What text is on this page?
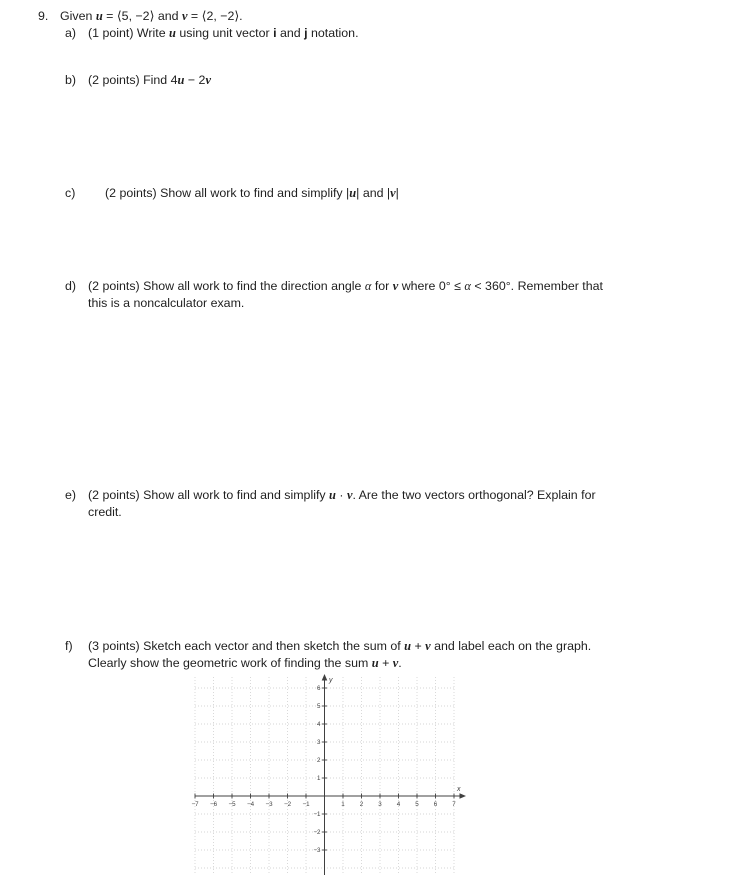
9. Given u = ⟨5, −2⟩ and v = ⟨2, −2⟩.
a) (1 point) Write u using unit vector i and j notation.
b) (2 points) Find 4u − 2v
c)	(2 points) Show all work to find and simplify |u| and |v|
d) (2 points) Show all work to find the direction angle α for v where 0° ≤ α < 360°. Remember that
this is a noncalculator exam.
e) (2 points) Show all work to find and simplify u · v. Are the two vectors orthogonal? Explain for
credit.
f)	(3 points) Sketch each vector and then sketch the sum of u + v and label each on the graph.
Clearly show the geometric work of finding the sum u + v.
−7 −6 −5 −4 −3 −2 −1	1 2 3 4 5 6 7
6
5
4
3
2
1
−1
−2
−3
y
x
